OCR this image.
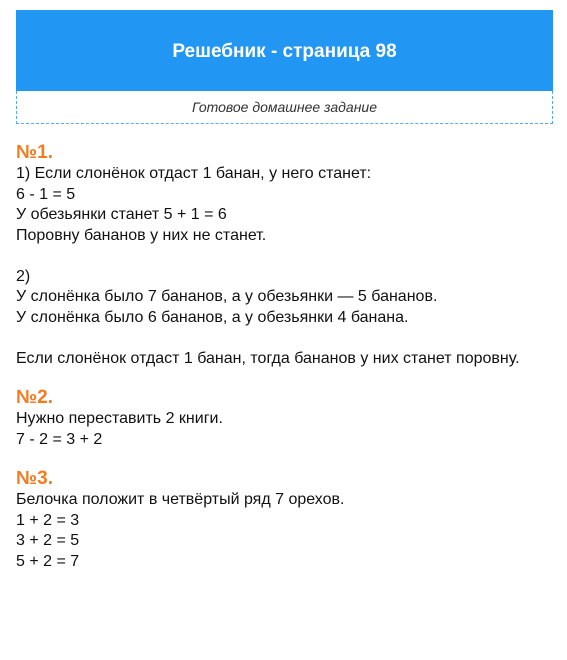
Решебник - страница 98
Готовое домашнее задание
№1.
1) Если слонёнок отдаст 1 банан, у него станет:
6 - 1 = 5
У обезьянки станет 5 + 1 = 6
Поровну бананов у них не станет.
2)
У слонёнка было 7 бананов, а у обезьянки — 5 бананов.
У слонёнка было 6 бананов, а у обезьянки 4 банана.
Если слонёнок отдаст 1 банан, тогда бананов у них станет поровну.
№2.
Нужно переставить 2 книги.
7 - 2 = 3 + 2
№3.
Белочка положит в четвёртый ряд 7 орехов.
1 + 2 = 3
3 + 2 = 5
5 + 2 = 7
